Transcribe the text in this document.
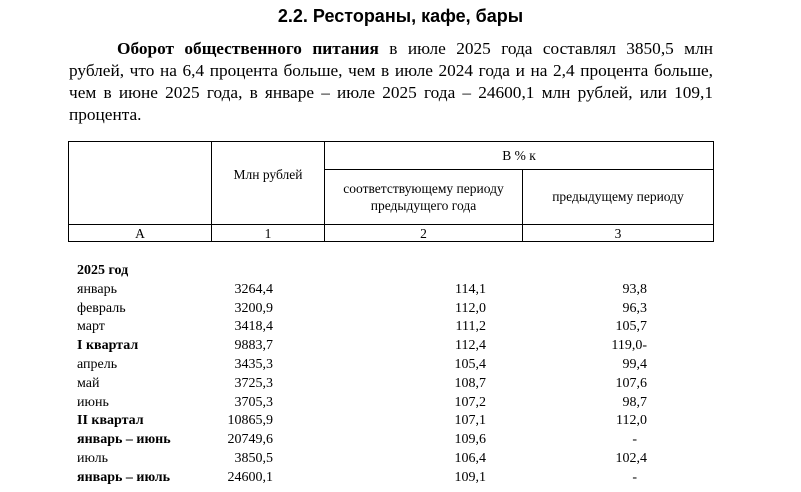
2.2. Рестораны, кафе, бары
Оборот общественного питания в июле 2025 года составлял 3850,5 млн рублей, что на 6,4 процента больше, чем в июле 2024 года и на 2,4 процента больше, чем в июне 2025 года, в январе – июле 2025 года – 24600,1 млн рублей, или 109,1 процента.
Млн рублей
В % к
соответствующему периоду предыдущего года
предыдущему периоду
А	1	2	3
2025 год
январь	3264,4	114,1	93,8
февраль	3200,9	112,0	96,3
март	3418,4	111,2	105,7
I квартал	9883,7	112,4	119,0-
апрель	3435,3	105,4	99,4
май	3725,3	108,7	107,6
июнь	3705,3	107,2	98,7
II квартал	10865,9	107,1	112,0
январь – июнь	20749,6	109,6	-
июль	3850,5	106,4	102,4
январь – июль	24600,1	109,1	-
